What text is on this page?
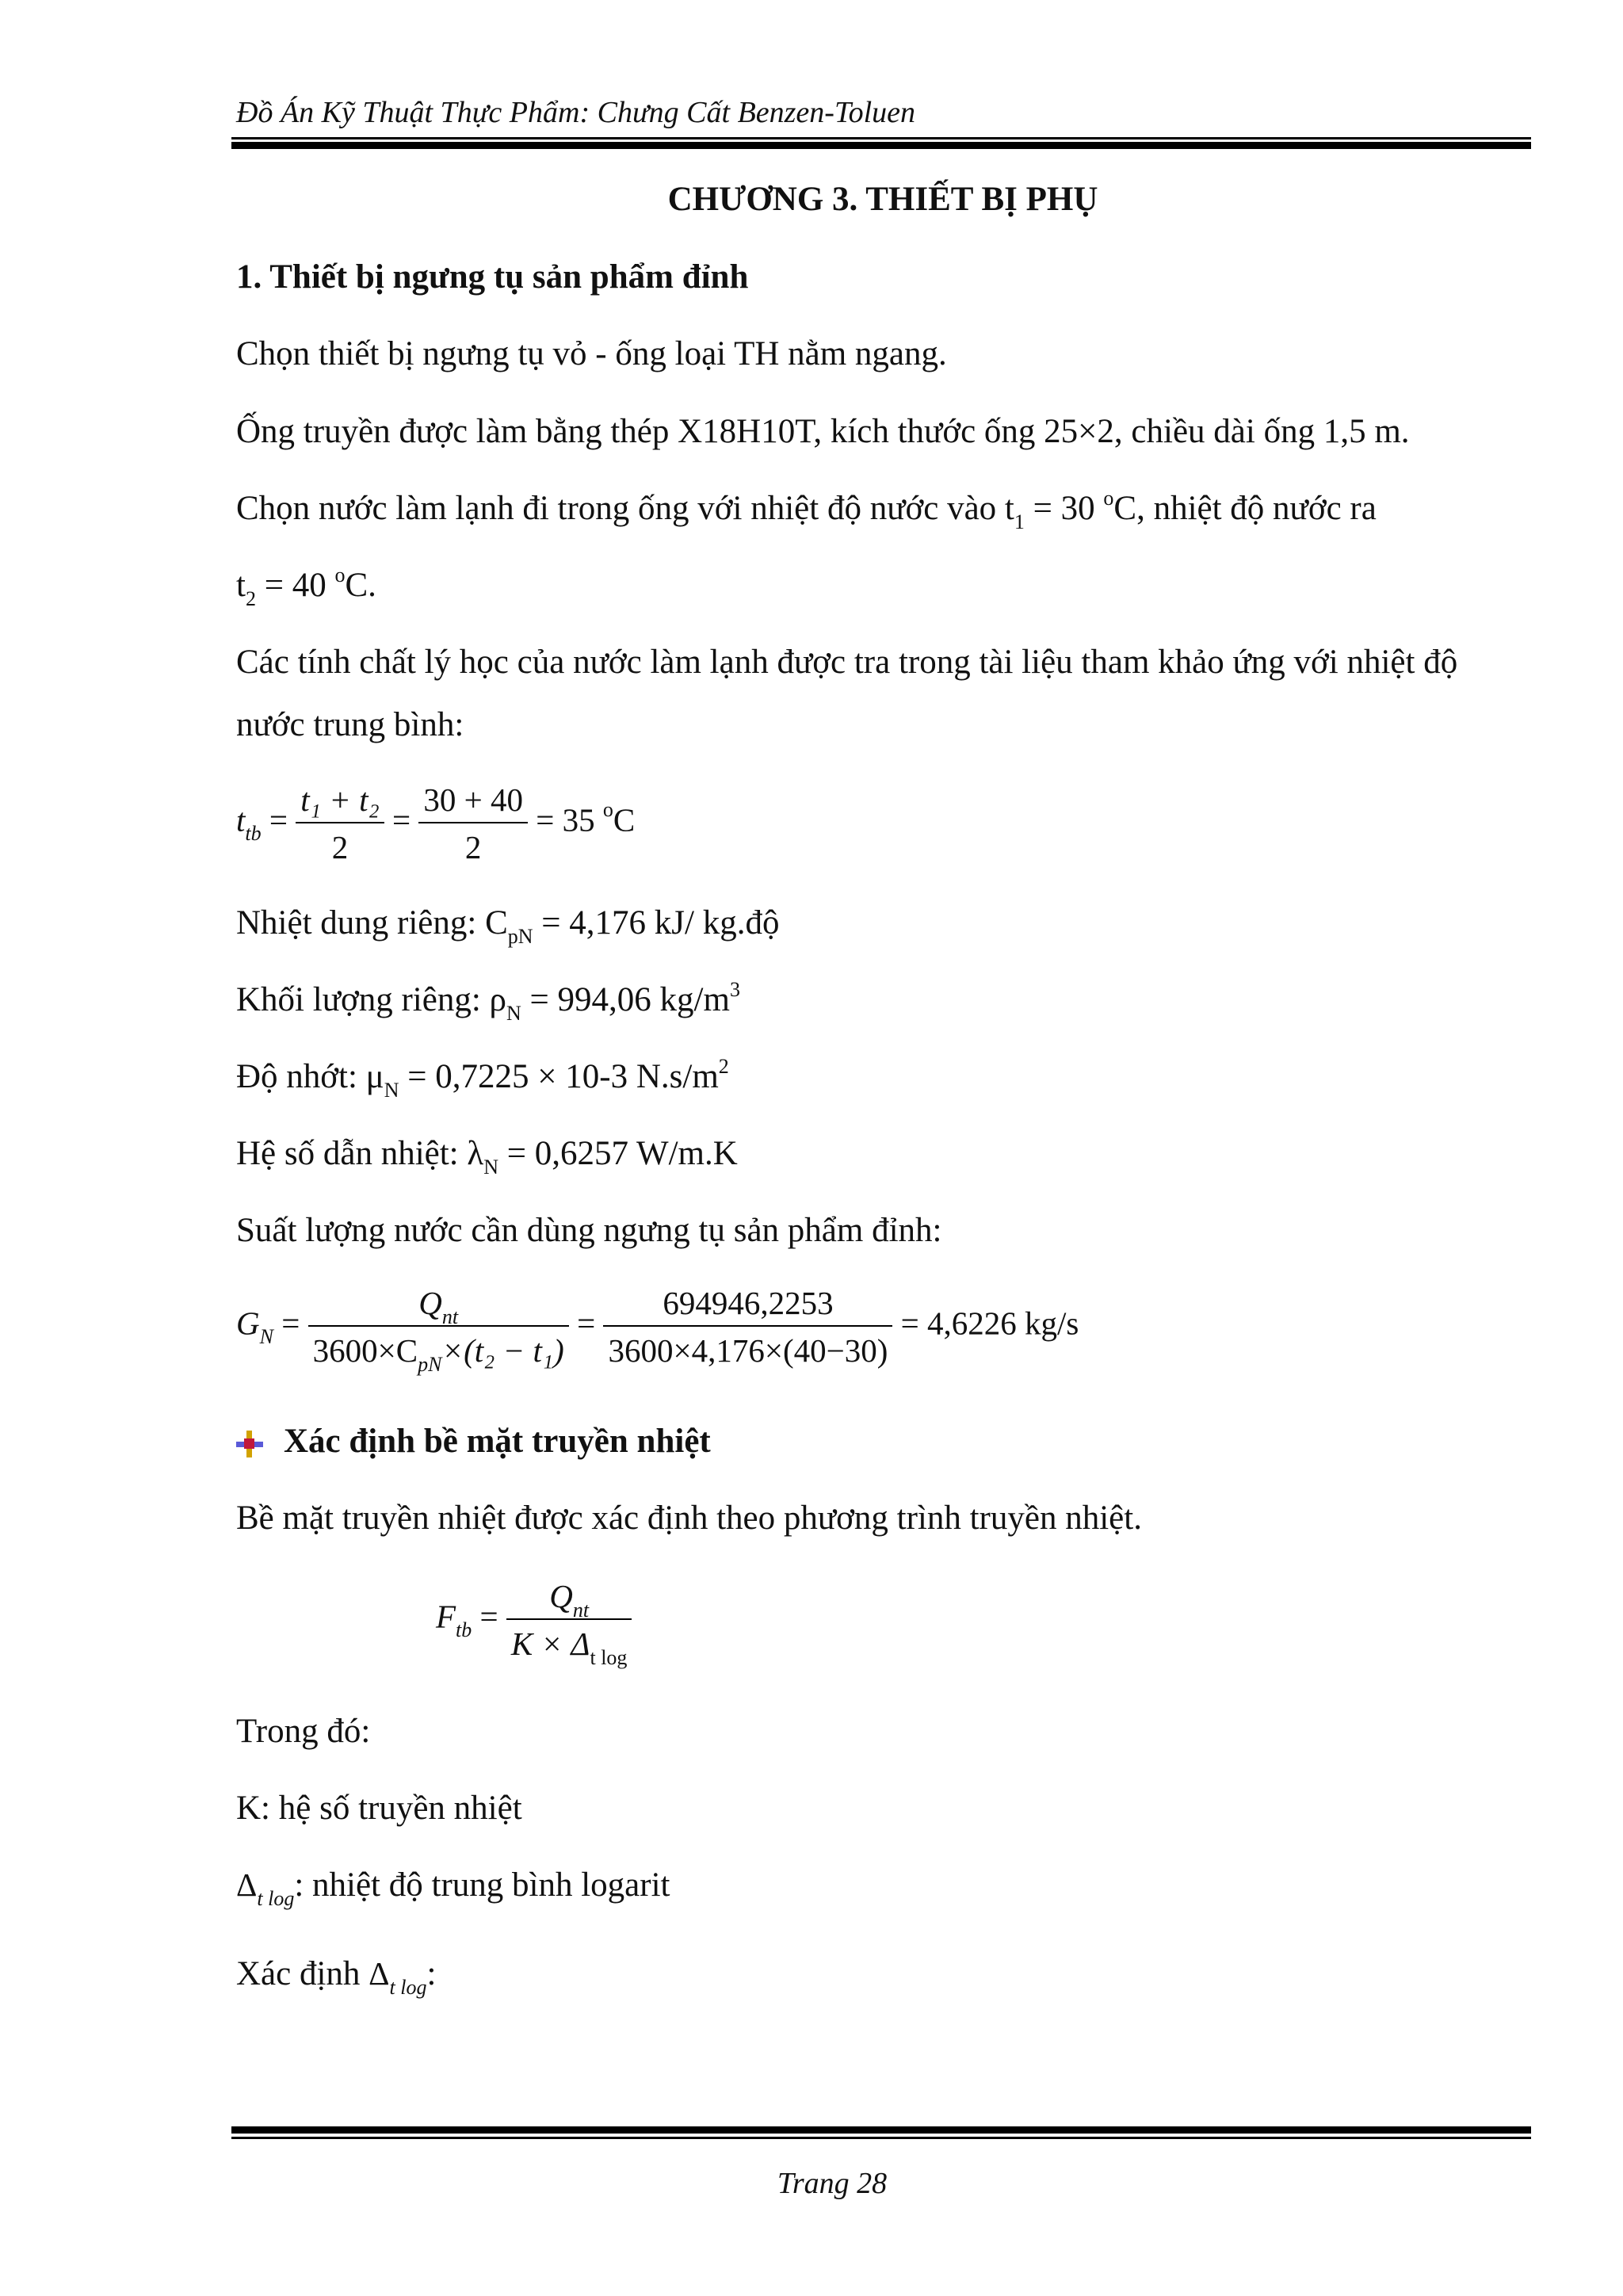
Đồ Án Kỹ Thuật Thực Phẩm: Chưng Cất Benzen-Toluen
CHƯƠNG 3. THIẾT BỊ PHỤ
1. Thiết bị ngưng tụ sản phẩm đỉnh
Chọn thiết bị ngưng tụ vỏ - ống loại TH nằm ngang.
Ống truyền được làm bằng thép X18H10T, kích thước ống 25×2, chiều dài ống 1,5 m.
Chọn nước làm lạnh đi trong ống với nhiệt độ nước vào $t_1 = 30$ $^o$C, nhiệt độ nước ra
$t_2 = 40$ $^o$C.
Các tính chất lý học của nước làm lạnh được tra trong tài liệu tham khảo ứng với nhiệt độ
nước trung bình:
$t_{tb} = \frac{\text{t₁ + t₂}}{2} = \frac{30 + 40}{2} = 35$ $^o$C
Nhiệt dung riêng: $C_{pN} = 4,176$ kJ/ kg.độ
Khối lượng riêng: $\rho_N = 994,06$ $kg/m^3$
Độ nhớt: $\mu_N = 0,7225 \times 10-3$ $N.s/m^2$
Hệ số dẫn nhiệt: $\lambda_N = 0,6257$ W/m.K
Suất lượng nước cần dùng ngưng tụ sản phẩm đỉnh:
$G_N = \frac{Q_{nt}}{3600\times C_{pN}\times(t_2 - t_1)} = \frac{694946,2253}{3600\times 4,176\times(40-30)} = 4,6226$ kg/s
Xác định bề mặt truyền nhiệt
Bề mặt truyền nhiệt được xác định theo phương trình truyền nhiệt.
$F_{tb} = \frac{Q_{nt}}{K \times \Delta_{t log}}$
Trong đó:
K: hệ số truyền nhiệt
$\Delta_{t log}$: nhiệt độ trung bình logarit
Xác định $\Delta_{t log}$:
Trang 28
